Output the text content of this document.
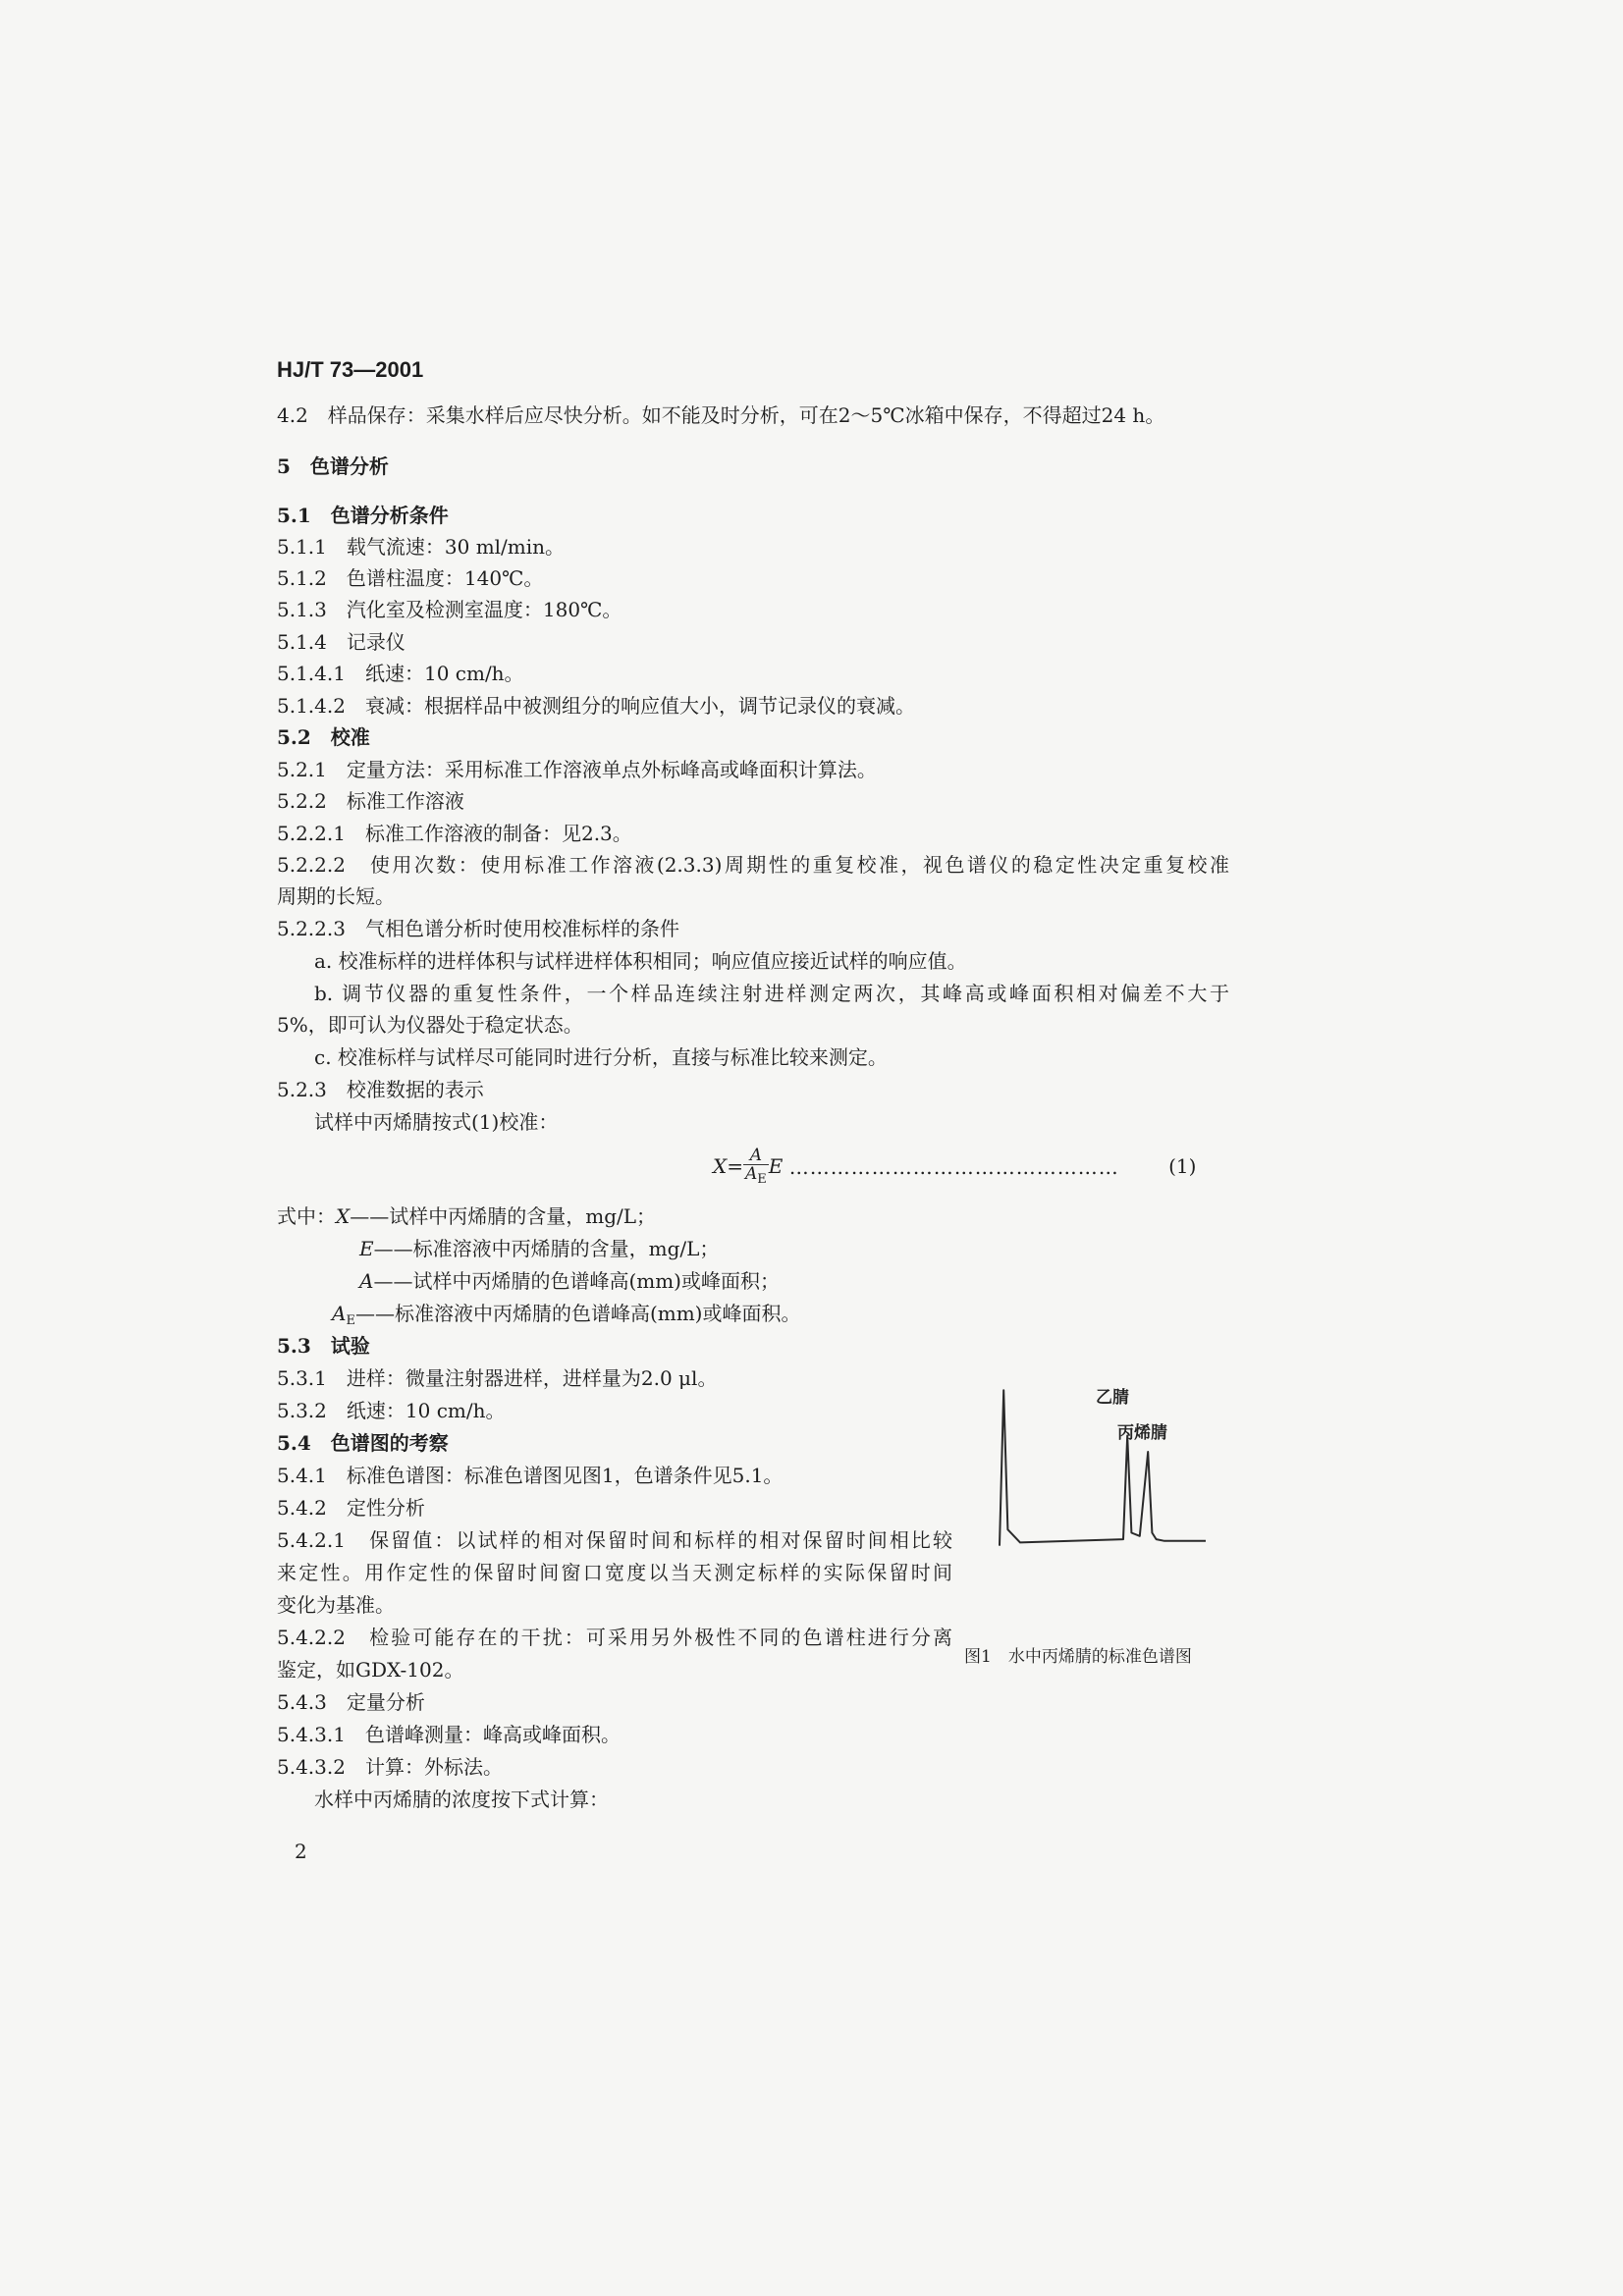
HJ/T 73—2001
4.2　样品保存：采集水样后应尽快分析。如不能及时分析，可在2～5℃冰箱中保存，不得超过24 h。
5　色谱分析
5.1　色谱分析条件
5.1.1　载气流速：30 ml/min。
5.1.2　色谱柱温度：140℃。
5.1.3　汽化室及检测室温度：180℃。
5.1.4　记录仪
5.1.4.1　纸速：10 cm/h。
5.1.4.2　衰减：根据样品中被测组分的响应值大小，调节记录仪的衰减。
5.2　校准
5.2.1　定量方法：采用标准工作溶液单点外标峰高或峰面积计算法。
5.2.2　标准工作溶液
5.2.2.1　标准工作溶液的制备：见2.3。
5.2.2.2　使用次数：使用标准工作溶液(2.3.3)周期性的重复校准，视色谱仪的稳定性决定重复校准
周期的长短。
5.2.2.3　气相色谱分析时使用校准标样的条件
a. 校准标样的进样体积与试样进样体积相同；响应值应接近试样的响应值。
b. 调节仪器的重复性条件，一个样品连续注射进样测定两次，其峰高或峰面积相对偏差不大于
5%，即可认为仪器处于稳定状态。
c. 校准标样与试样尽可能同时进行分析，直接与标准比较来测定。
5.2.3　校准数据的表示
试样中丙烯腈按式(1)校准：
$X= \frac{A}{A_E}$ E …………………………………………	(1)
式中：X——试样中丙烯腈的含量，mg/L；
E——标准溶液中丙烯腈的含量，mg/L；
A——试样中丙烯腈的色谱峰高(mm)或峰面积；
$A_E——$标准溶液中丙烯腈的色谱峰高(mm)或峰面积。
5.3　试验
5.3.1　进样：微量注射器进样，进样量为2.0 μl。
5.3.2　纸速：10 cm/h。
5.4　色谱图的考察
5.4.1　标准色谱图：标准色谱图见图1，色谱条件见5.1。
5.4.2　定性分析
5.4.2.1　保留值：以试样的相对保留时间和标样的相对保留时间相比较
来定性。用作定性的保留时间窗口宽度以当天测定标样的实际保留时间
变化为基准。
5.4.2.2　检验可能存在的干扰：可采用另外极性不同的色谱柱进行分离
鉴定，如GDX-102。
5.4.3　定量分析
5.4.3.1　色谱峰测量：峰高或峰面积。
5.4.3.2　计算：外标法。
水样中丙烯腈的浓度按下式计算：
2
乙腈
丙烯腈
图1　水中丙烯腈的标准色谱图
